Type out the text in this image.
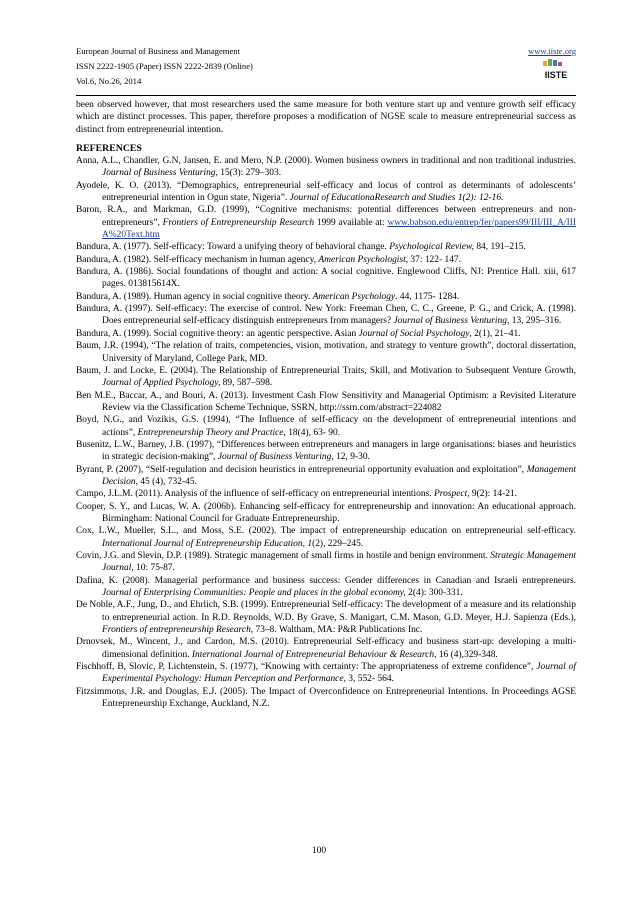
European Journal of Business and Management
ISSN 2222-1905 (Paper) ISSN 2222-2839 (Online)
Vol.6, No.26, 2014
www.iiste.org
IISTE

been observed however, that most researchers used the same measure for both venture start up and venture growth self efficacy which are distinct processes. This paper, therefore proposes a modification of NGSE scale to measure entrepreneurial success as distinct from entrepreneurial intention.

REFERENCES
Anna, A.L., Chandler, G.N, Jansen, E. and Mero, N.P. (2000). Women business owners in traditional and non traditional industries. Journal of Business Venturing, 15(3): 279–303.
Ayodele, K. O. (2013). “Demographics, entrepreneurial self-efficacy and locus of control as determinants of adolescents’ entrepreneurial intention in Ogun state, Nigeria”. Journal of EducationaResearch and Studies 1(2): 12-16.
Baron, R.A., and Markman, G.D. (1999), “Cognitive mechanisms: potential differences between entrepreneurs and non-entrepreneurs”, Frontiers of Entrepreneurship Research 1999 available at: www.babson.edu/entrep/fer/papers99/III/III_A/IIIA%20Text.htm
Bandura, A. (1977). Self-efficacy: Toward a unifying theory of behavioral change. Psychological Review, 84, 191–215.
Bandura, A. (1982). Self-efficacy mechanism in human agency, American Psychologist, 37: 122- 147.
Bandura, A. (1986). Social foundations of thought and action: A social cognitive. Englewood Cliffs, NJ: Prentice Hall. xiii, 617 pages. 013815614X.
Bandura, A. (1989). Human agency in social cognitive theory. American Psychology. 44, 1175- 1284.
Bandura, A. (1997). Self-efficacy: The exercise of control. New York: Freeman Chen, C. C., Greene, P. G., and Crick, A. (1998). Does entrepreneurial self-efficacy distinguish entrepreneurs from managers? Journal of Business Venturing, 13, 295–316.
Bandura, A. (1999). Social cognitive theory: an agentic perspective. Asian Journal of Social Psychology, 2(1), 21–41.
Baum, J.R. (1994), “The relation of traits, competencies, vision, motivation, and strategy to venture growth”, doctoral dissertation, University of Maryland, College Park, MD.
Baum, J. and Locke, E. (2004). The Relationship of Entrepreneurial Traits, Skill, and Motivation to Subsequent Venture Growth, Journal of Applied Psychology, 89, 587–598.
Ben M.E., Baccar, A., and Bouri, A. (2013). Investment Cash Flow Sensitivity and Managerial Optimism: a Revisited Literature Review via the Classification Scheme Technique, SSRN, http://ssrn.com/abstract=224082
Boyd, N.G., and Vozikis, G.S. (1994), “The Influence of self-efficacy on the development of entrepreneurial intentions and actions”, Entrepreneurship Theory and Practice, 18(4), 63- 90.
Busenitz, L.W., Barney, J.B. (1997), “Differences between entrepreneurs and managers in large organisations: biases and heuristics in strategic decision-making”, Journal of Business Venturing, 12, 9-30.
Byrant, P. (2007), “Self-regulation and decision heuristics in entrepreneurial opportunity evaluation and exploitation”, Management Decision, 45 (4), 732-45.
Campo, J.L.M. (2011). Analysis of the influence of self-efficacy on entrepreneurial intentions. Prospect, 9(2): 14-21.
Cooper, S. Y., and Lucas, W. A. (2006b). Enhancing self-efficacy for entrepreneurship and innovation: An educational approach. Birmingham: National Council for Graduate Entrepreneurship.
Cox, L.W., Mueller, S.L., and Moss, S.E. (2002). The impact of entrepreneurship education on entrepreneurial self-efficacy. International Journal of Entrepreneurship Education, 1(2), 229–245.
Covin, J.G. and Slevin, D.P. (1989). Strategic management of small firms in hostile and benign environment. Strategic Management Journal, 10: 75-87.
Dafina, K. (2008). Managerial performance and business success: Gender differences in Canadian and Israeli entrepreneurs. Journal of Enterprising Communities: People and places in the global economy, 2(4): 300-331.
De Noble, A.F., Jung, D., and Ehrlich, S.B. (1999). Entrepreneurial Self-efficacy: The development of a measure and its relationship to entrepreneurial action. In R.D. Reynolds, W.D. By Grave, S. Manigart, C.M. Mason, G.D. Meyer, H.J. Sapienza (Eds.), Frontiers of entrepreneurship Research, 73–8. Waltham, MA: P&R Publications Inc.
Drnovsek, M., Wincent, J., and Cardon, M.S. (2010). Entrepreneurial Self-efficacy and business start-up: developing a multi-dimensional definition. International Journal of Entrepreneurial Behaviour & Research, 16 (4),329-348.
Fischhoff, B, Slovic, P, Lichtenstein, S. (1977), “Knowing with certainty: The appropriateness of extreme confidence”, Journal of Experimental Psychology: Human Perception and Performance, 3, 552- 564.
Fitzsimmons, J.R. and Douglas, E.J. (2005). The Impact of Overconfidence on Entrepreneurial Intentions. In Proceedings AGSE Entrepreneurship Exchange, Auckland, N.Z.
100
